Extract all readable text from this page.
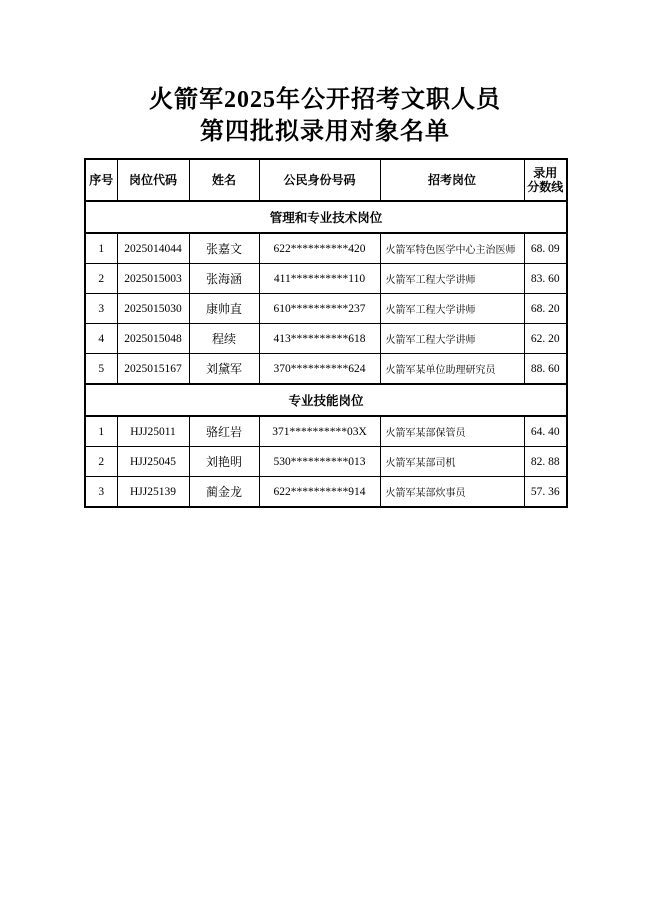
火箭军2025年公开招考文职人员
第四批拟录用对象名单
序号	岗位代码	姓名	公民身份号码	招考岗位	录用
分数线
管理和专业技术岗位					
1	2025014044	张嘉文	622**********420	火箭军特色医学中心主治医师	68. 09
2	2025015003	张海涵	411**********110	火箭军工程大学讲师	83. 60
3	2025015030	康帅直	610**********237	火箭军工程大学讲师	68. 20
4	2025015048	程续	413**********618	火箭军工程大学讲师	62. 20
5	2025015167	刘黛军	370**********624	火箭军某单位助理研究员	88. 60
专业技能岗位					
1	HJJ25011	骆红岩	371**********03X	火箭军某部保管员	64. 40
2	HJJ25045	刘艳明	530**********013	火箭军某部司机	82. 88
3	HJJ25139	蔺金龙	622**********914	火箭军某部炊事员	57. 36
